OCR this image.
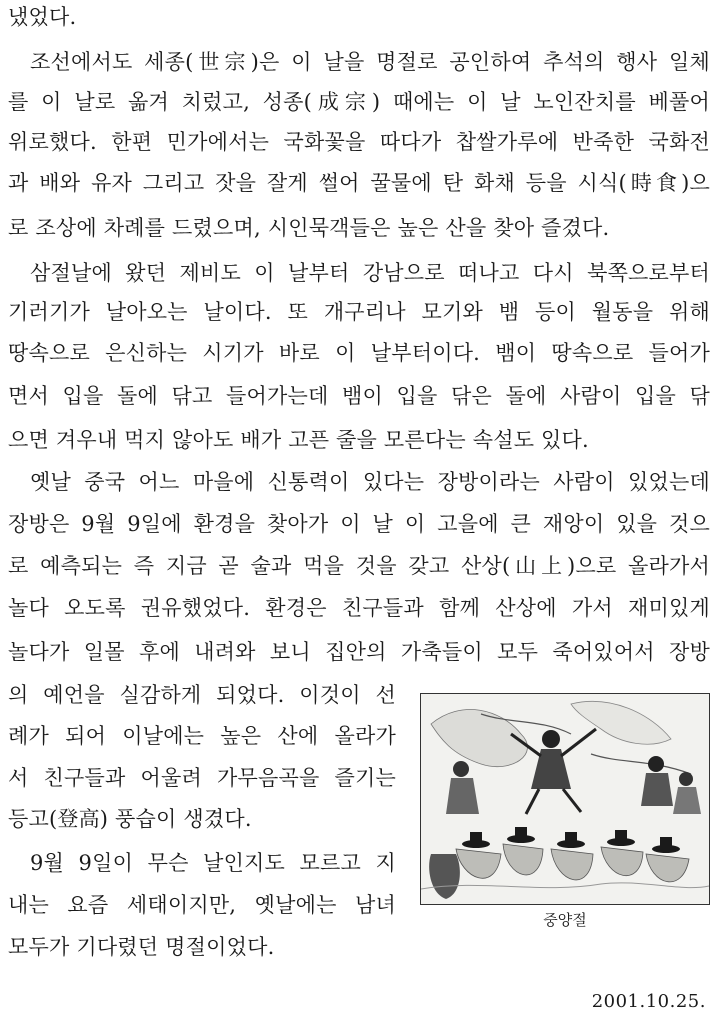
냈었다.
조선에서도 세종(世宗)은 이 날을 명절로 공인하여 추석의 행사 일체
를 이 날로 옮겨 치렀고, 성종(成宗) 때에는 이 날 노인잔치를 베풀어
위로했다. 한편 민가에서는 국화꽃을 따다가 찹쌀가루에 반죽한 국화전
과 배와 유자 그리고 잣을 잘게 썰어 꿀물에 탄 화채 등을 시식(時食)으
로 조상에 차례를 드렸으며, 시인묵객들은 높은 산을 찾아 즐겼다.
삼절날에 왔던 제비도 이 날부터 강남으로 떠나고 다시 북쪽으로부터
기러기가 날아오는 날이다. 또 개구리나 모기와 뱀 등이 월동을 위해
땅속으로 은신하는 시기가 바로 이 날부터이다. 뱀이 땅속으로 들어가
면서 입을 돌에 닦고 들어가는데 뱀이 입을 닦은 돌에 사람이 입을 닦
으면 겨우내 먹지 않아도 배가 고픈 줄을 모른다는 속설도 있다.
옛날 중국 어느 마을에 신통력이 있다는 장방이라는 사람이 있었는데
장방은 9월 9일에 환경을 찾아가 이 날 이 고을에 큰 재앙이 있을 것으
로 예측되는 즉 지금 곧 술과 먹을 것을 갖고 산상(山上)으로 올라가서
놀다 오도록 권유했었다. 환경은 친구들과 함께 산상에 가서 재미있게
놀다가 일몰 후에 내려와 보니 집안의 가축들이 모두 죽어있어서 장방
의 예언을 실감하게 되었다. 이것이 선
례가 되어 이날에는 높은 산에 올라가
서 친구들과 어울려 가무음곡을 즐기는
등고(登高) 풍습이 생겼다.
9월 9일이 무슨 날인지도 모르고 지
내는 요즘 세태이지만, 옛날에는 남녀
모두가 기다렸던 명절이었다.
중양절
2001.10.25.
